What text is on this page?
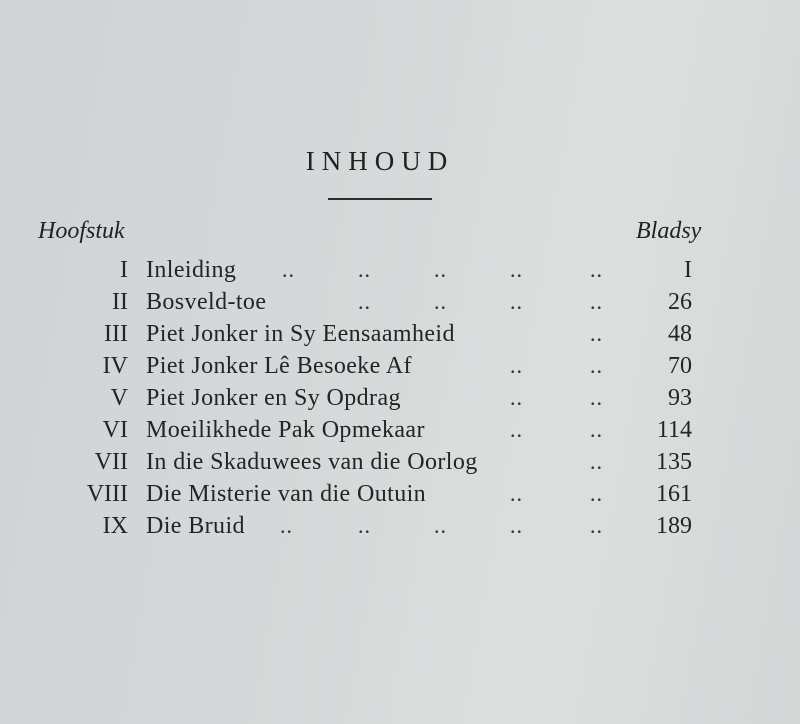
INHOUD
Hoofstuk	Bladsy
I Inleiding ..	..	..	..	..	I
II Bosveld-toe	..	..	..	..	26
III Piet Jonker in Sy Eensaamheid	..	48
IV Piet Jonker Lê Besoeke Af	..	..	70
V Piet Jonker en Sy Opdrag	..	..	93
VI Moeilikhede Pak Opmekaar	..	.. 114
VII In die Skaduwees van die Oorlog	.. 135
VIII Die Misterie van die Outuin	..	.. 161
IX Die Bruid ..	..	..	..	.. 189
